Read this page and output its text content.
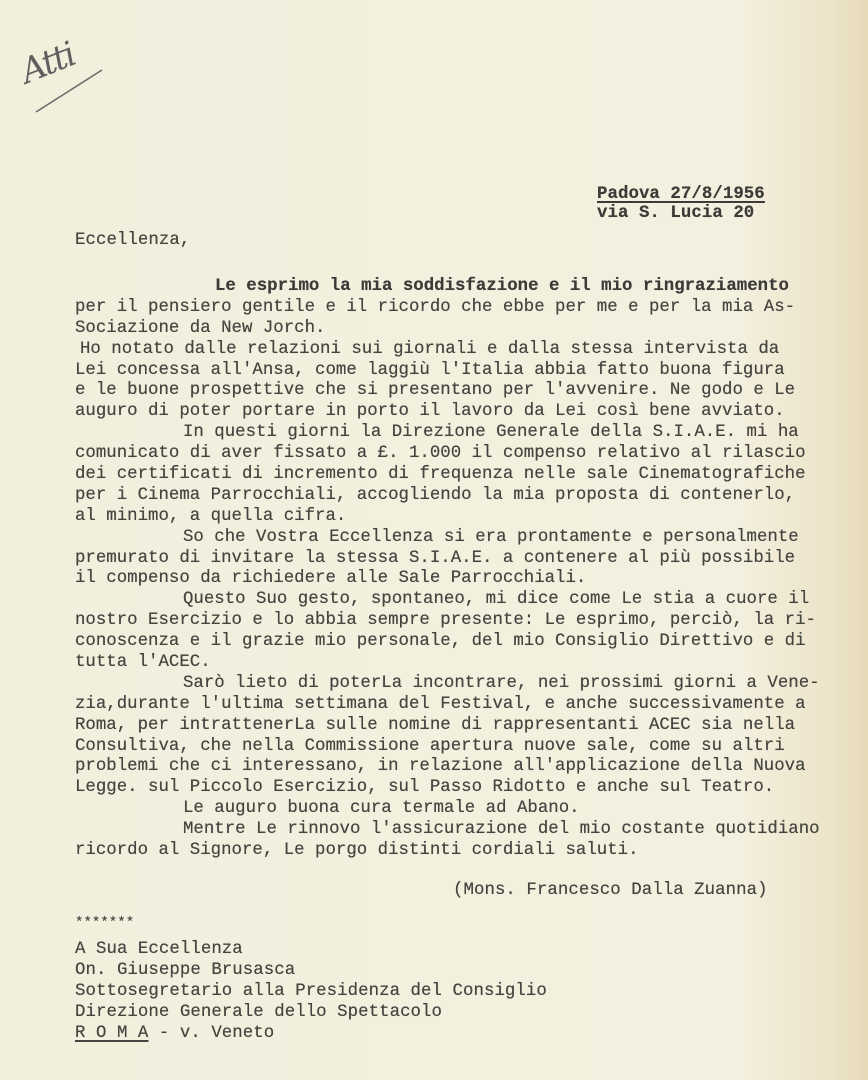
Atti
Padova 27/8/1956
via S. Lucia 20
Eccellenza,
Le esprimo la mia soddisfazione e il mio ringraziamento
per il pensiero gentile e il ricordo che ebbe per me e per la mia As-
Sociazione da New Jorch.
Ho notato dalle relazioni sui giornali e dalla stessa intervista da
Lei concessa all'Ansa, come laggiù l'Italia abbia fatto buona figura
e le buone prospettive che si presentano per l'avvenire. Ne godo e Le
auguro di poter portare in porto il lavoro da Lei così bene avviato.
In questi giorni la Direzione Generale della S.I.A.E. mi ha
comunicato di aver fissato a £. 1.000 il compenso relativo al rilascio
dei certificati di incremento di frequenza nelle sale Cinematografiche
per i Cinema Parrocchiali, accogliendo la mia proposta di contenerlo,
al minimo, a quella cifra.
So che Vostra Eccellenza si era prontamente e personalmente
premurato di invitare la stessa S.I.A.E. a contenere al più possibile
il compenso da richiedere alle Sale Parrocchiali.
Questo Suo gesto, spontaneo, mi dice come Le stia a cuore il
nostro Esercizio e lo abbia sempre presente: Le esprimo, perciò, la ri-
conoscenza e il grazie mio personale, del mio Consiglio Direttivo e di
tutta l'ACEC.
Sarò lieto di poterLa incontrare, nei prossimi giorni a Vene-
zia,durante l'ultima settimana del Festival, e anche successivamente a
Roma, per intrattenerLa sulle nomine di rappresentanti ACEC sia nella
Consultiva, che nella Commissione apertura nuove sale, come su altri
problemi che ci interessano, in relazione all'applicazione della Nuova
Legge. sul Piccolo Esercizio, sul Passo Ridotto e anche sul Teatro.
Le auguro buona cura termale ad Abano.
Mentre Le rinnovo l'assicurazione del mio costante quotidiano
ricordo al Signore, Le porgo distinti cordiali saluti.
(Mons. Francesco Dalla Zuanna)
*******
A Sua Eccellenza
On. Giuseppe Brusasca
Sottosegretario alla Presidenza del Consiglio
Direzione Generale dello Spettacolo
R O M A - v. Veneto
